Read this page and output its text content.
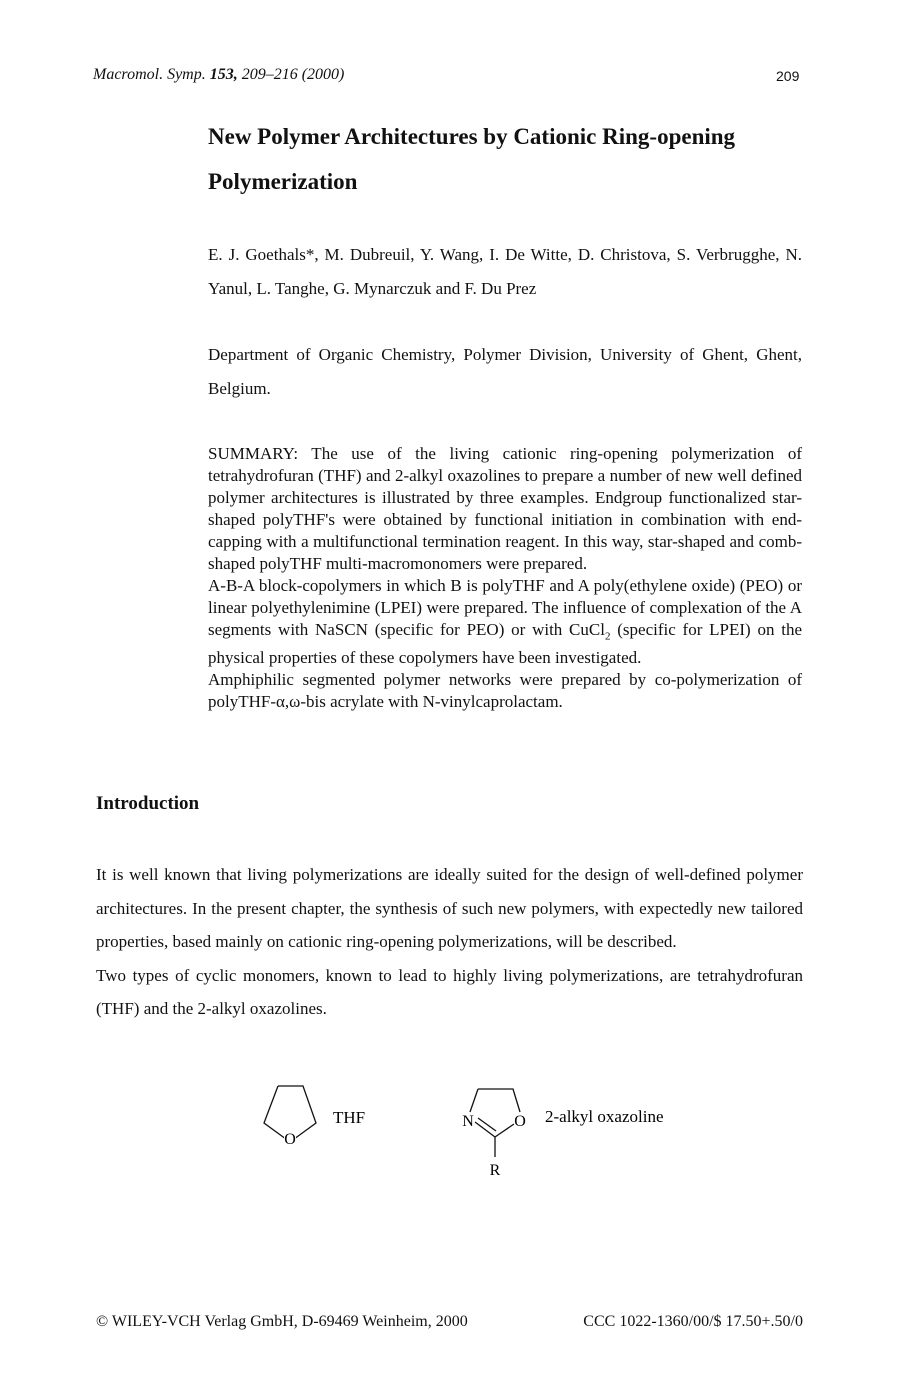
Macromol. Symp. 153, 209–216 (2000)	209
New Polymer Architectures by Cationic Ring-opening Polymerization
E. J. Goethals*, M. Dubreuil, Y. Wang, I. De Witte, D. Christova, S. Verbrugghe, N. Yanul, L. Tanghe, G. Mynarczuk and F. Du Prez
Department of Organic Chemistry, Polymer Division, University of Ghent, Ghent, Belgium.

SUMMARY: The use of the living cationic ring-opening polymerization of tetrahydrofuran (THF) and 2-alkyl oxazolines to prepare a number of new well defined polymer architectures is illustrated by three examples. Endgroup functionalized star-shaped polyTHF's were obtained by functional initiation in combination with end-capping with a multifunctional termination reagent. In this way, star-shaped and comb-shaped polyTHF multi-macromonomers were prepared.

A-B-A block-copolymers in which B is polyTHF and A poly(ethylene oxide) (PEO) or linear polyethylenimine (LPEI) were prepared. The influence of complexation of the A segments with NaSCN (specific for PEO) or with CuCl$_2$ (specific for LPEI) on the physical properties of these copolymers have been investigated.

Amphiphilic segmented polymer networks were prepared by co-polymerization of polyTHF-α,ω-bis acrylate with N-vinylcaprolactam.

Introduction

It is well known that living polymerizations are ideally suited for the design of well-defined polymer architectures. In the present chapter, the synthesis of such new polymers, with expectedly new tailored properties, based mainly on cationic ring-opening polymerizations, will be described.

Two types of cyclic monomers, known to lead to highly living polymerizations, are tetrahydrofuran (THF) and the 2-alkyl oxazolines.

O
THF	N	O
R
2-alkyl oxazoline
© WILEY-VCH Verlag GmbH, D-69469 Weinheim, 2000	CCC 1022-1360/00/$ 17.50+.50/0
